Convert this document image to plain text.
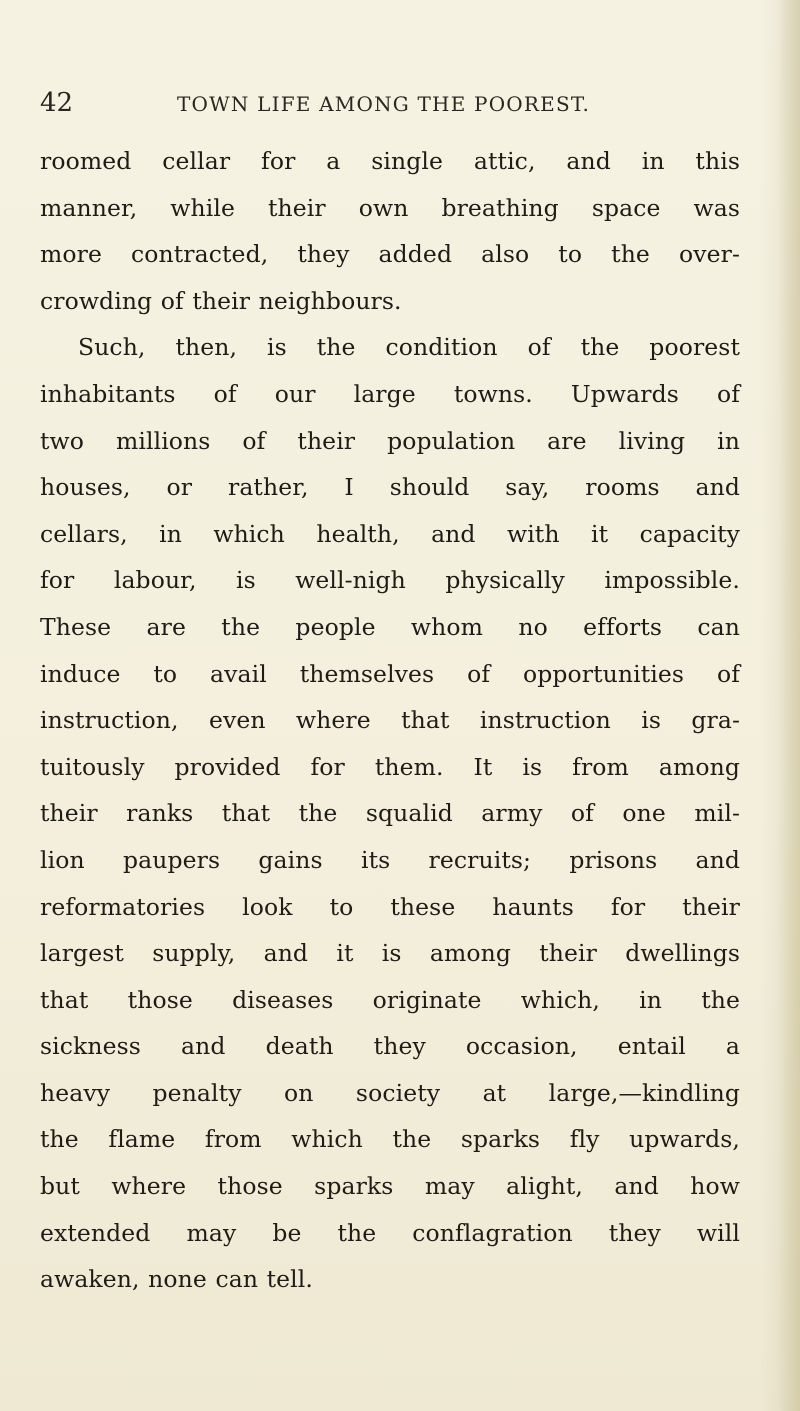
42	TOWN LIFE AMONG THE POOREST.
roomed cellar for a single attic, and in this
manner, while their own breathing space was
more contracted, they added also to the over-
crowding of their neighbours.
Such, then, is the condition of the poorest
inhabitants of our large towns. Upwards of
two millions of their population are living in
houses, or rather, I should say, rooms and
cellars, in which health, and with it capacity
for labour, is well-nigh physically impossible.
These are the people whom no efforts can
induce to avail themselves of opportunities of
instruction, even where that instruction is gra-
tuitously provided for them. It is from among
their ranks that the squalid army of one mil-
lion paupers gains its recruits; prisons and
reformatories look to these haunts for their
largest supply, and it is among their dwellings
that those diseases originate which, in the
sickness and death they occasion, entail a
heavy penalty on society at large,—kindling
the flame from which the sparks fly upwards,
but where those sparks may alight, and how
extended may be the conflagration they will
awaken, none can tell.
